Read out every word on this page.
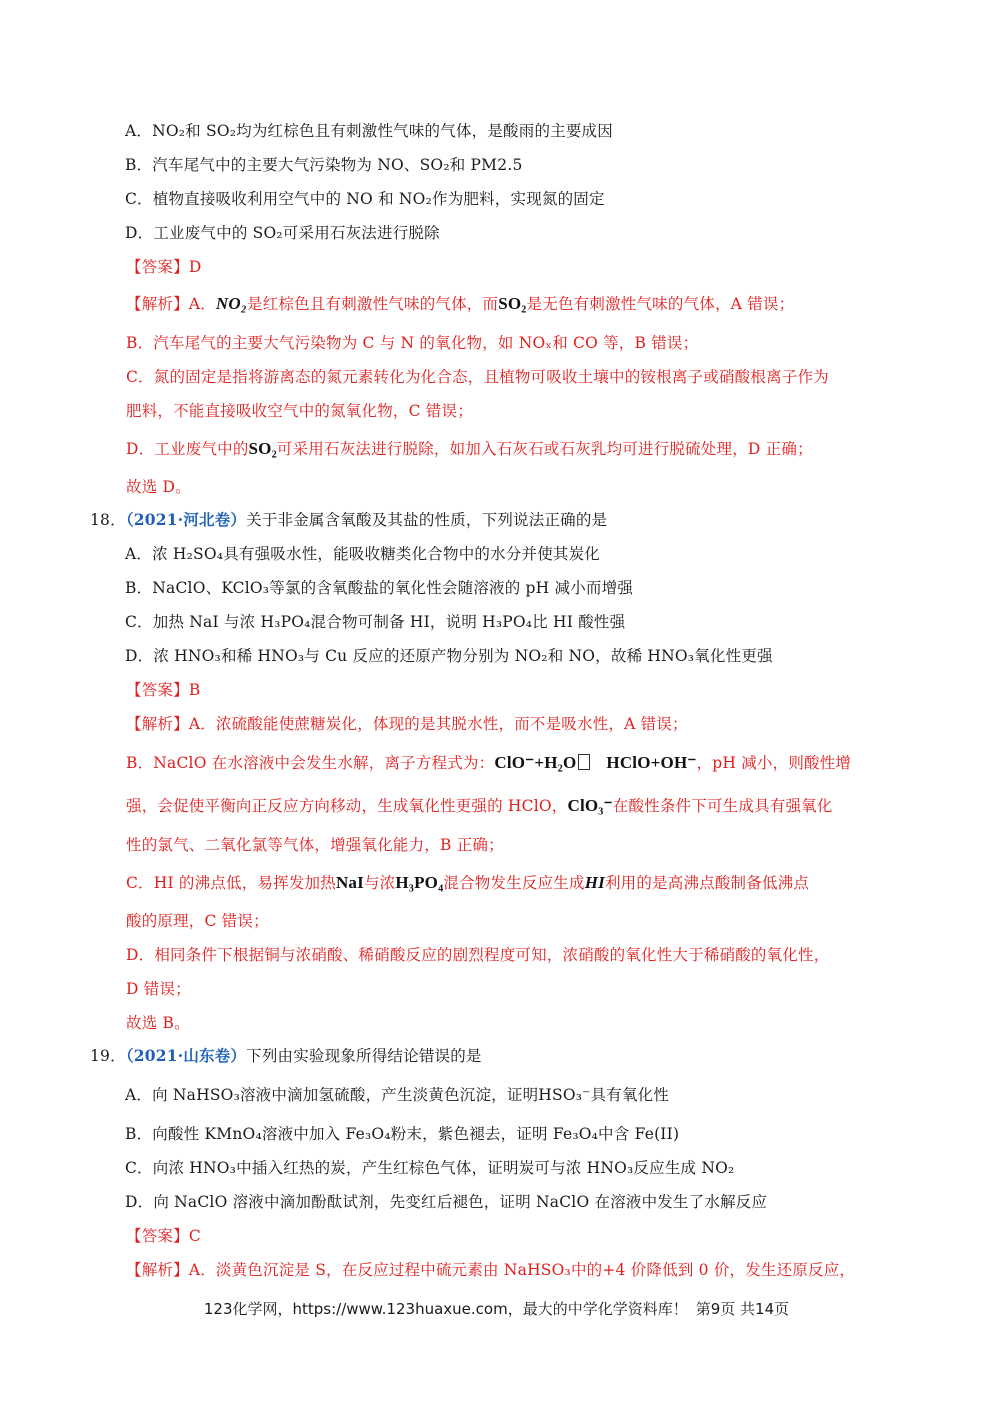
A．NO₂和 SO₂均为红棕色且有刺激性气味的气体，是酸雨的主要成因
B．汽车尾气中的主要大气污染物为 NO、SO₂和 PM2.5
C．植物直接吸收利用空气中的 NO 和 NO₂作为肥料，实现氮的固定
D．工业废气中的 SO₂可采用石灰法进行脱除
【答案】D
【解析】A．NO₂是红棕色且有刺激性气味的气体，而SO₂是无色有刺激性气味的气体，A 错误；
B．汽车尾气的主要大气污染物为 C 与 N 的氧化物，如 NOₓ和 CO 等，B 错误；
C．氮的固定是指将游离态的氮元素转化为化合态，且植物可吸收土壤中的铵根离子或硝酸根离子作为
肥料，不能直接吸收空气中的氮氧化物，C 错误；
D．工业废气中的SO₂可采用石灰法进行脱除，如加入石灰石或石灰乳均可进行脱硫处理，D 正确；
故选 D。
18．（2021·河北卷）关于非金属含氧酸及其盐的性质，下列说法正确的是
A．浓 H₂SO₄具有强吸水性，能吸收糖类化合物中的水分并使其炭化
B．NaClO、KClO₃等氯的含氧酸盐的氧化性会随溶液的 pH 减小而增强
C．加热 NaI 与浓 H₃PO₄混合物可制备 HI，说明 H₃PO₄比 HI 酸性强
D．浓 HNO₃和稀 HNO₃与 Cu 反应的还原产物分别为 NO₂和 NO，故稀 HNO₃氧化性更强
【答案】B
【解析】A．浓硫酸能使蔗糖炭化，体现的是其脱水性，而不是吸水性，A 错误；
B．NaClO 在水溶液中会发生水解，离子方程式为：ClO⁻+H₂O HClO+OH⁻，pH 减小，则酸性增
强，会促使平衡向正反应方向移动，生成氧化性更强的 HClO，ClO₃⁻在酸性条件下可生成具有强氧化
性的氯气、二氧化氯等气体，增强氧化能力，B 正确；
C．HI 的沸点低，易挥发加热NaI与浓H₃PO₄混合物发生反应生成HI利用的是高沸点酸制备低沸点
酸的原理，C 错误；
D．相同条件下根据铜与浓硝酸、稀硝酸反应的剧烈程度可知，浓硝酸的氧化性大于稀硝酸的氧化性，
D 错误；
故选 B。
19．（2021·山东卷）下列由实验现象所得结论错误的是
A．向 NaHSO₃溶液中滴加氢硫酸，产生淡黄色沉淀，证明HSO₃⁻具有氧化性
B．向酸性 KMnO₄溶液中加入 Fe₃O₄粉末，紫色褪去，证明 Fe₃O₄中含 Fe(II)
C．向浓 HNO₃中插入红热的炭，产生红棕色气体，证明炭可与浓 HNO₃反应生成 NO₂
D．向 NaClO 溶液中滴加酚酞试剂，先变红后褪色，证明 NaClO 在溶液中发生了水解反应
【答案】C
【解析】A．淡黄色沉淀是 S，在反应过程中硫元素由 NaHSO₃中的+4 价降低到 0 价，发生还原反应，
123化学网，https://www.123huaxue.com，最大的中学化学资料库！ 第9页 共14页
